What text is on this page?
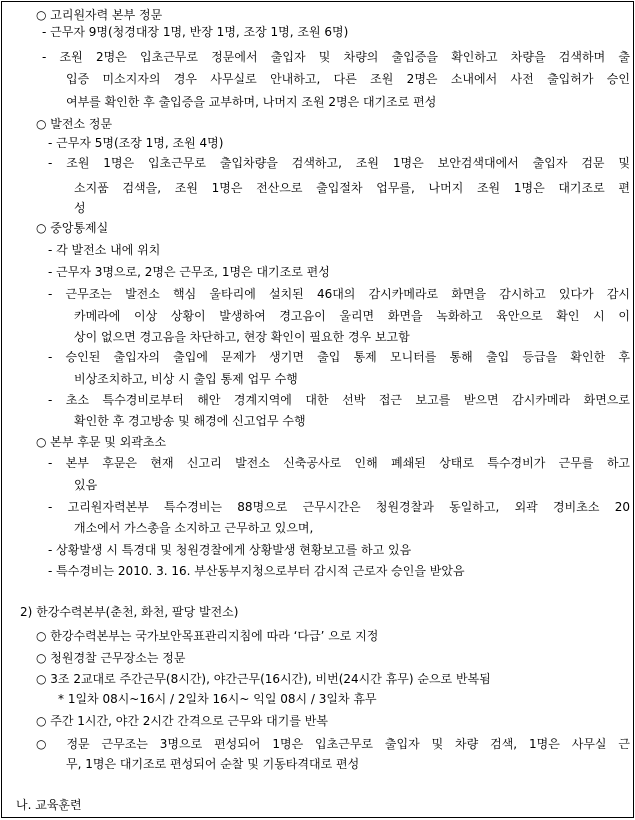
○ 고리원자력 본부 정문
- 근무자 9명(청경대장 1명, 반장 1명, 조장 1명, 조원 6명)
- 조원 2명은 입초근무로 정문에서 출입자 및 차량의 출입증을 확인하고 차량을 검색하며 출
입증 미소지자의 경우 사무실로 안내하고, 다른 조원 2명은 소내에서 사전 출입허가 승인
여부를 확인한 후 출입증을 교부하며, 나머지 조원 2명은 대기조로 편성
○ 발전소 정문
- 근무자 5명(조장 1명, 조원 4명)
- 조원 1명은 입초근무로 출입차량을 검색하고, 조원 1명은 보안검색대에서 출입자 검문 및
소지품 검색을, 조원 1명은 전산으로 출입절차 업무를, 나머지 조원 1명은 대기조로 편
성
○ 중앙통제실
- 각 발전소 내에 위치
- 근무자 3명으로, 2명은 근무조, 1명은 대기조로 편성
- 근무조는 발전소 핵심 울타리에 설치된 46대의 감시카메라로 화면을 감시하고 있다가 감시
카메라에 이상 상황이 발생하여 경고음이 울리면 화면을 녹화하고 육안으로 확인 시 이
상이 없으면 경고음을 차단하고, 현장 확인이 필요한 경우 보고함
- 승인된 출입자의 출입에 문제가 생기면 출입 통제 모니터를 통해 출입 등급을 확인한 후
비상조치하고, 비상 시 출입 통제 업무 수행
- 초소 특수경비로부터 해안 경계지역에 대한 선박 접근 보고를 받으면 감시카메라 화면으로
확인한 후 경고방송 및 해경에 신고업무 수행
○ 본부 후문 및 외곽초소
- 본부 후문은 현재 신고리 발전소 신축공사로 인해 폐쇄된 상태로 특수경비가 근무를 하고
있음
- 고리원자력본부 특수경비는 88명으로 근무시간은 청원경찰과 동일하고, 외곽 경비초소 20
개소에서 가스총을 소지하고 근무하고 있으며,
- 상황발생 시 특경대 및 청원경찰에게 상황발생 현황보고를 하고 있음
- 특수경비는 2010. 3. 16. 부산동부지청으로부터 감시적 근로자 승인을 받았음
2) 한강수력본부(춘천, 화천, 팔당 발전소)
○ 한강수력본부는 국가보안목표관리지침에 따라 ‘다급’ 으로 지정
○ 청원경찰 근무장소는 정문
○ 3조 2교대로 주간근무(8시간), 야간근무(16시간), 비번(24시간 휴무) 순으로 반복됨
* 1일차 08시~16시 / 2일차 16시~ 익일 08시 / 3일차 휴무
○ 주간 1시간, 야간 2시간 간격으로 근무와 대기를 반복
○ 정문 근무조는 3명으로 편성되어 1명은 입초근무로 출입자 및 차량 검색, 1명은 사무실 근
무, 1명은 대기조로 편성되어 순찰 및 기동타격대로 편성
나. 교육훈련
